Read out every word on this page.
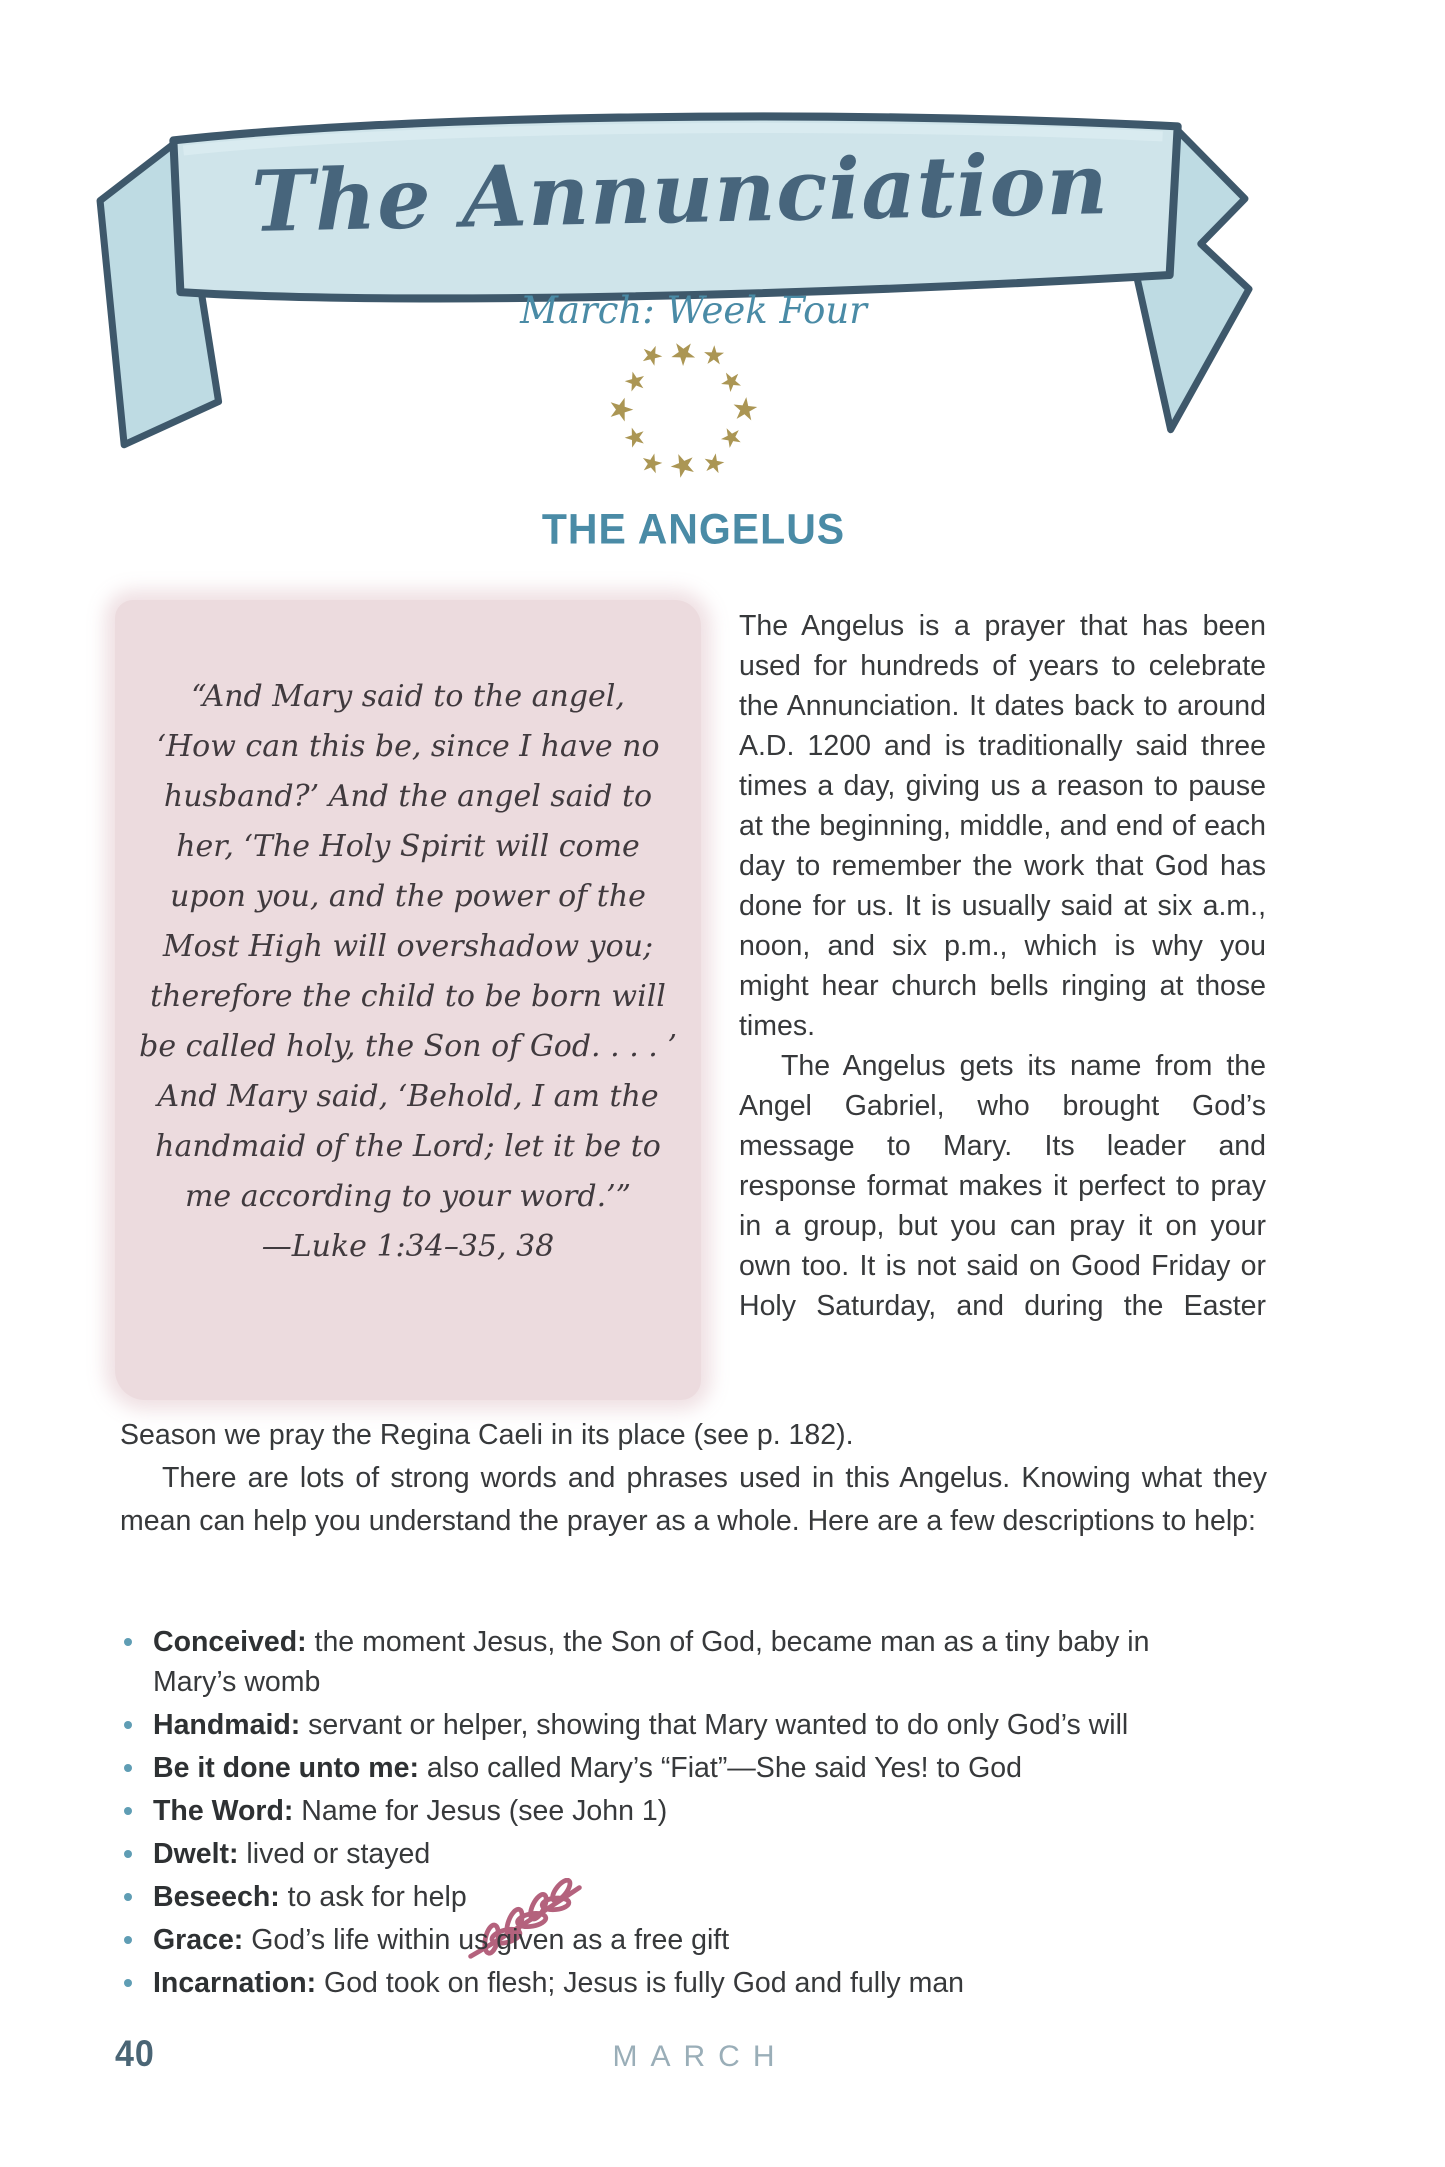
The Annunciation
March: Week Four
★
★
★
★
★
★
★
★
★
★
★
★
THE ANGELUS
“And Mary said to the angel,
‘How can this be, since I have no
husband?’ And the angel said to
her, ‘The Holy Spirit will come
upon you, and the power of the
Most High will overshadow you;
therefore the child to be born will
be called holy, the Son of God. . . . ’
And Mary said, ‘Behold, I am the
handmaid of the Lord; let it be to
me according to your word.’”
—Luke 1:34–35, 38

The Angelus is a prayer that has been used for hundreds of years to celebrate the Annunciation. It dates back to around A.D. 1200 and is traditionally said three times a day, giving us a reason to pause at the beginning, middle, and end of each day to remember the work that God has done for us. It is usually said at six a.m., noon, and six p.m., which is why you might hear church bells ringing at those times.

The Angelus gets its name from the Angel Gabriel, who brought God’s message to Mary. Its leader and response format makes it perfect to pray in a group, but you can pray it on your own too. It is not said on Good Friday or Holy Saturday, and during the Easter

Season we pray the Regina Caeli in its place (see p. 182).

There are lots of strong words and phrases used in this Angelus. Knowing what they mean can help you understand the prayer as a whole. Here are a few descriptions to help:

Conceived: the moment Jesus, the Son of God, became man as a tiny baby in Mary’s womb
Handmaid: servant or helper, showing that Mary wanted to do only God’s will
Be it done unto me: also called Mary’s “Fiat”—She said Yes! to God
The Word: Name for Jesus (see John 1)
Dwelt: lived or stayed
Beseech: to ask for help
Grace: God’s life within us given as a free gift
Incarnation: God took on flesh; Jesus is fully God and fully man
40	MARCH
